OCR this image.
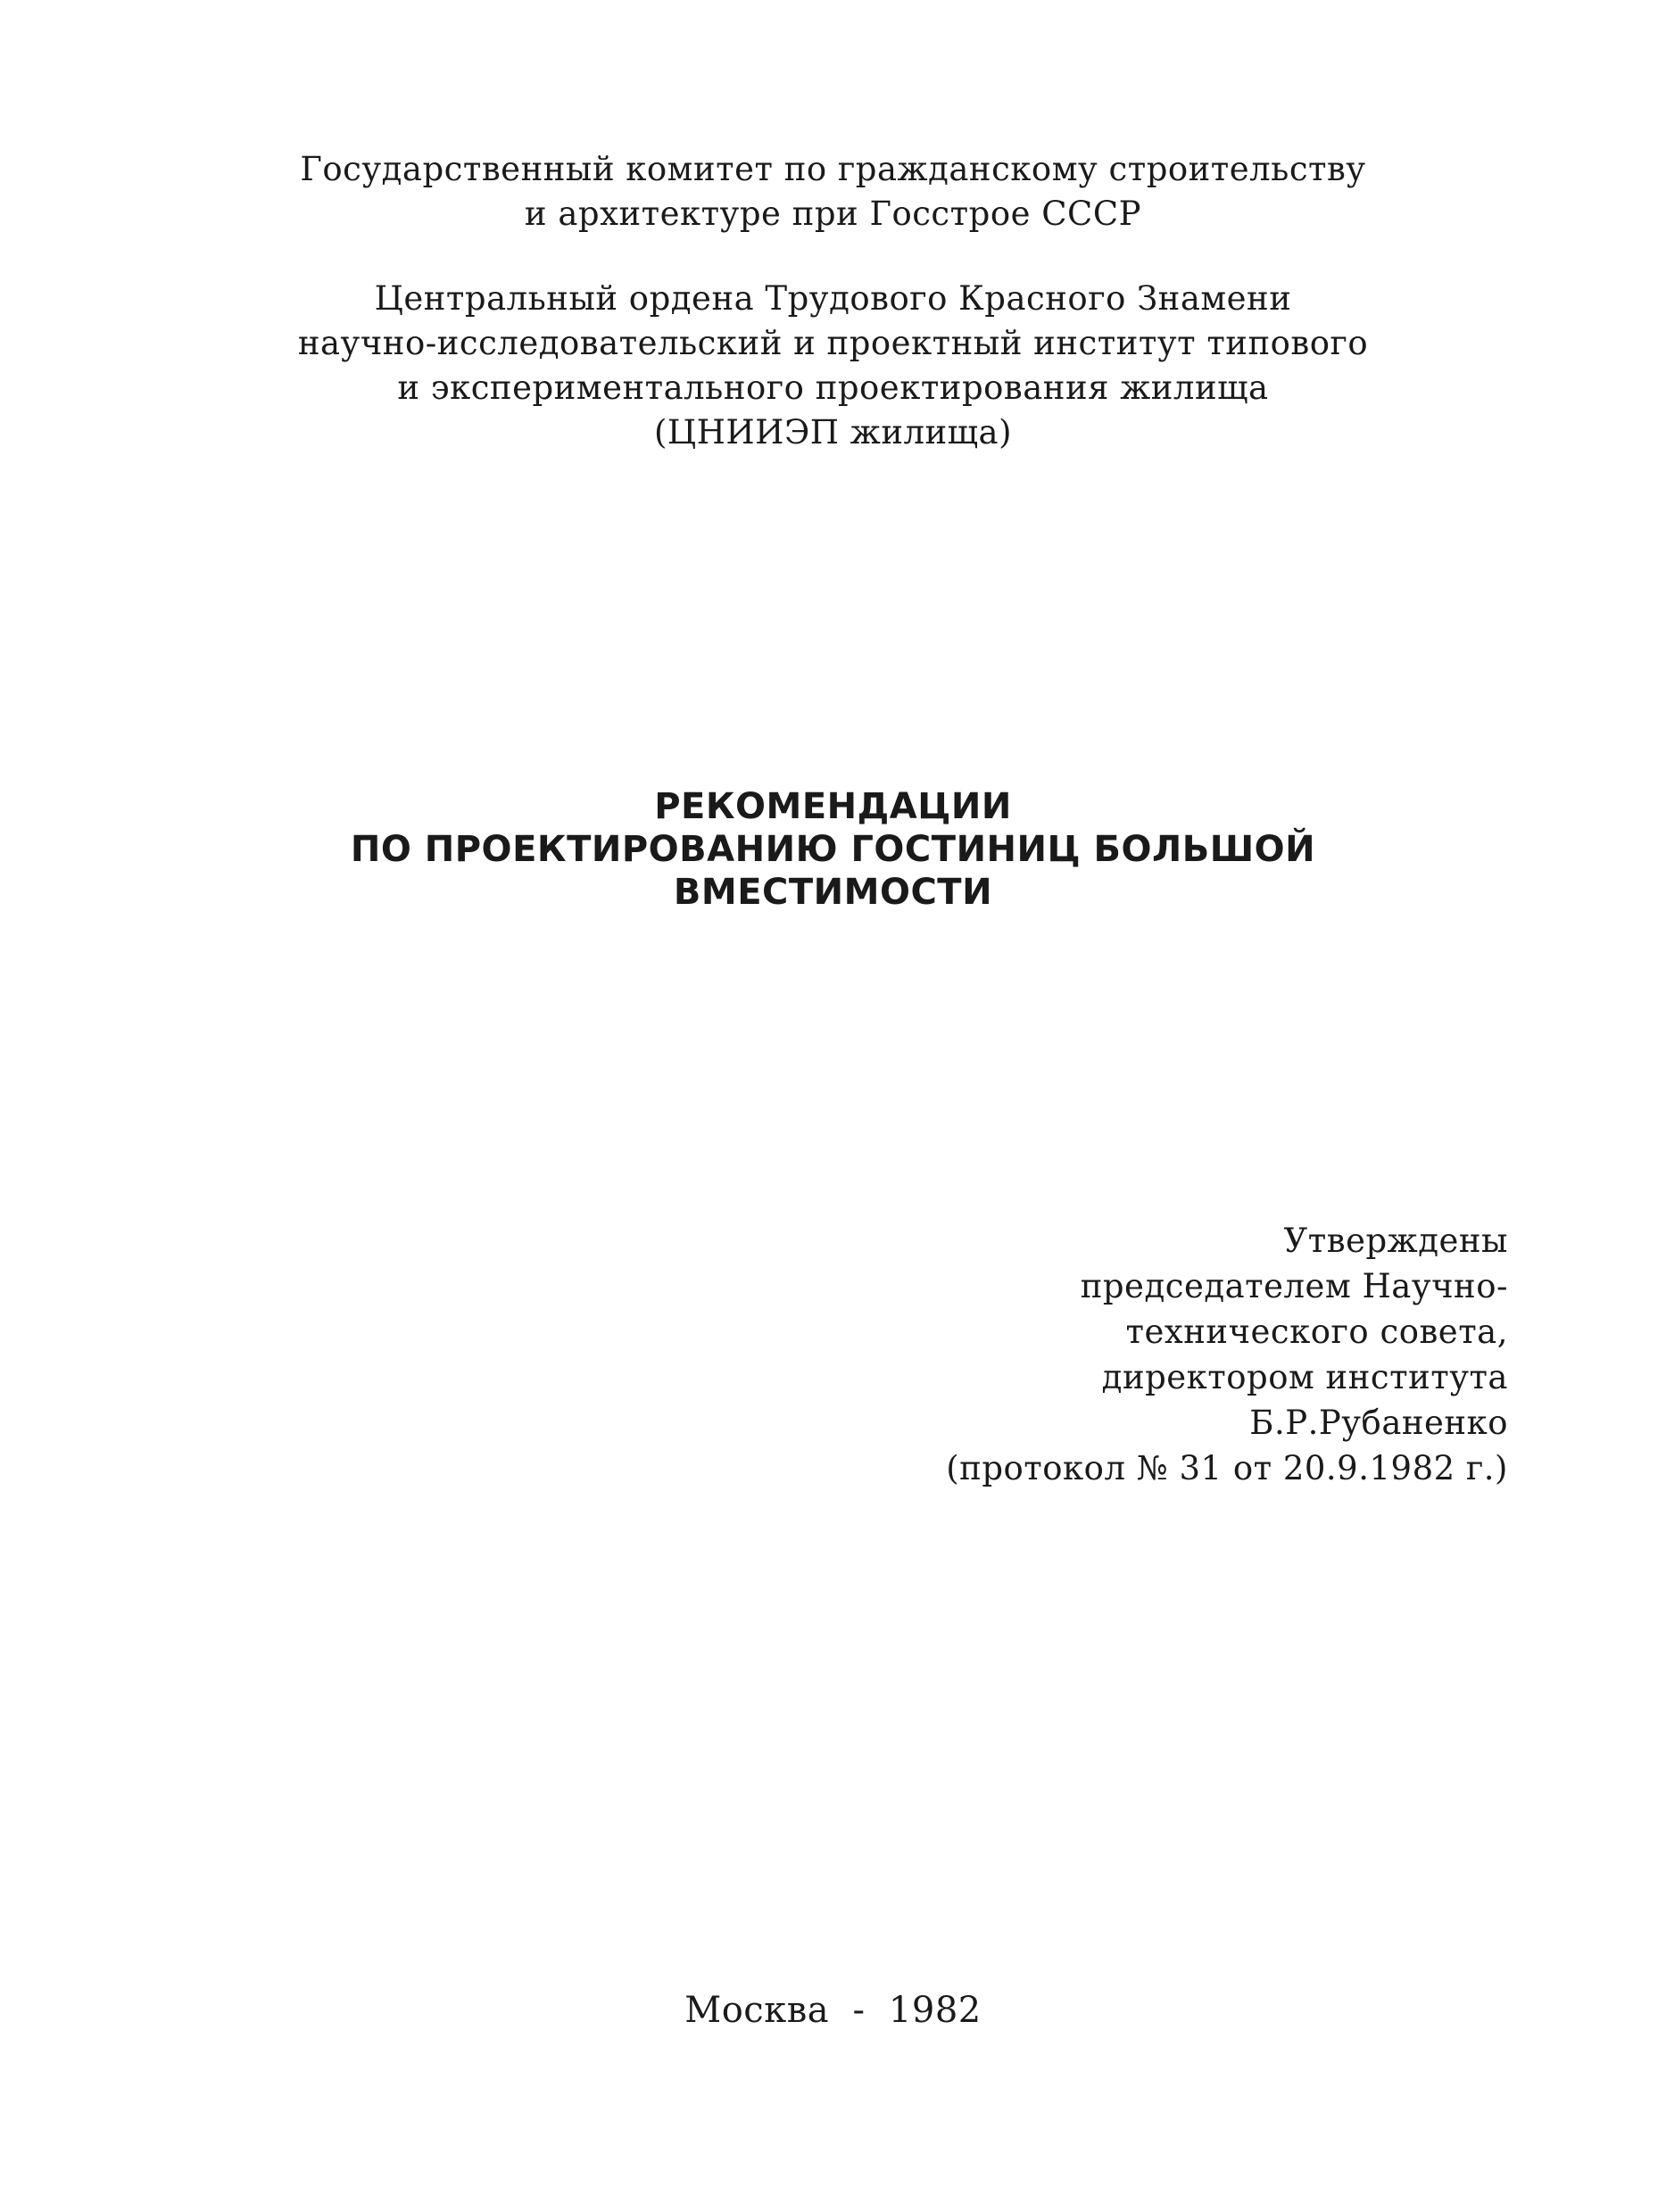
Государственный комитет по гражданскому строительству
и архитектуре при Госстрое СССР
Центральный ордена Трудового Красного Знамени
научно-исследовательский и проектный институт типового
и экспериментального проектирования жилища
(ЦНИИЭП жилища)
РЕКОМЕНДАЦИИ
ПО ПРОЕКТИРОВАНИЮ ГОСТИНИЦ БОЛЬШОЙ
ВМЕСТИМОСТИ
Утверждены
председателем Научно-
технического совета,
директором института
Б.Р.Рубаненко
(протокол № 31 от 20.9.1982 г.)
Москва  -  1982
